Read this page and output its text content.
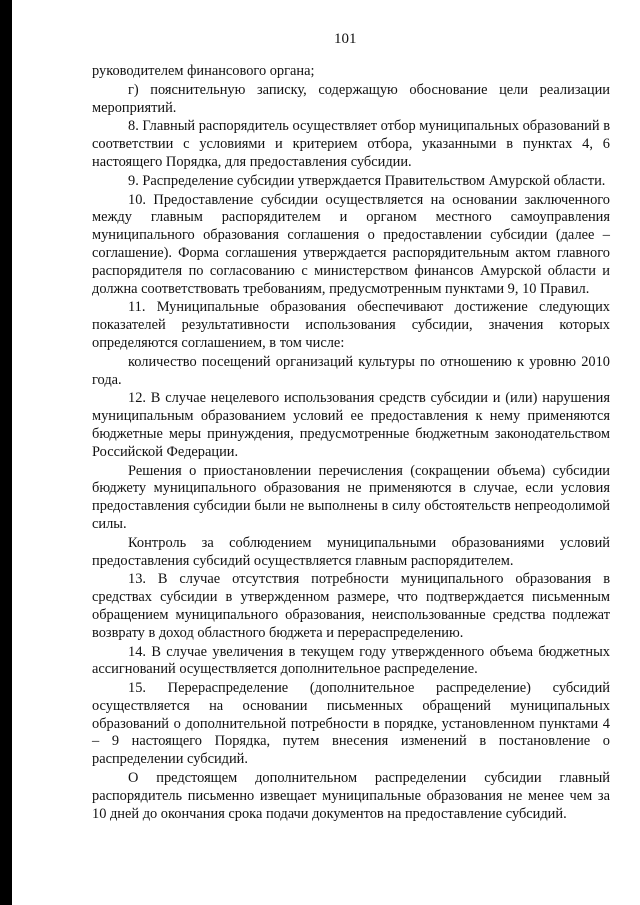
101

руководителем финансового органа;

г) пояснительную записку, содержащую обоснование цели реализации мероприятий.

8. Главный распорядитель осуществляет отбор муниципальных образований в соответствии с условиями и критерием отбора, указанными в пунктах 4, 6 настоящего Порядка, для предоставления субсидии.

9. Распределение субсидии утверждается Правительством Амурской области.

10. Предоставление субсидии осуществляется на основании заключенного между главным распорядителем и органом местного самоуправления муниципального образования соглашения о предоставлении субсидии (далее – соглашение). Форма соглашения утверждается распорядительным актом главного распорядителя по согласованию с министерством финансов Амурской области и должна соответствовать требованиям, предусмотренным пунктами 9, 10 Правил.

11. Муниципальные образования обеспечивают достижение следующих показателей результативности использования субсидии, значения которых определяются соглашением, в том числе:

количество посещений организаций культуры по отношению к уровню 2010 года.

12. В случае нецелевого использования средств субсидии и (или) нарушения муниципальным образованием условий ее предоставления к нему применяются бюджетные меры принуждения, предусмотренные бюджетным законодательством Российской Федерации.

Решения о приостановлении перечисления (сокращении объема) субсидии бюджету муниципального образования не применяются в случае, если условия предоставления субсидии были не выполнены в силу обстоятельств непреодолимой силы.

Контроль за соблюдением муниципальными образованиями условий предоставления субсидий осуществляется главным распорядителем.

13. В случае отсутствия потребности муниципального образования в средствах субсидии в утвержденном размере, что подтверждается письменным обращением муниципального образования, неиспользованные средства подлежат возврату в доход областного бюджета и перераспределению.

14. В случае увеличения в текущем году утвержденного объема бюджетных ассигнований осуществляется дополнительное распределение.

15. Перераспределение (дополнительное распределение) субсидий осуществляется на основании письменных обращений муниципальных образований о дополнительной потребности в порядке, установленном пунктами 4 – 9 настоящего Порядка, путем внесения изменений в постановление о распределении субсидий.

О предстоящем дополнительном распределении субсидии главный распорядитель письменно извещает муниципальные образования не менее чем за 10 дней до окончания срока подачи документов на предоставление субсидий.
